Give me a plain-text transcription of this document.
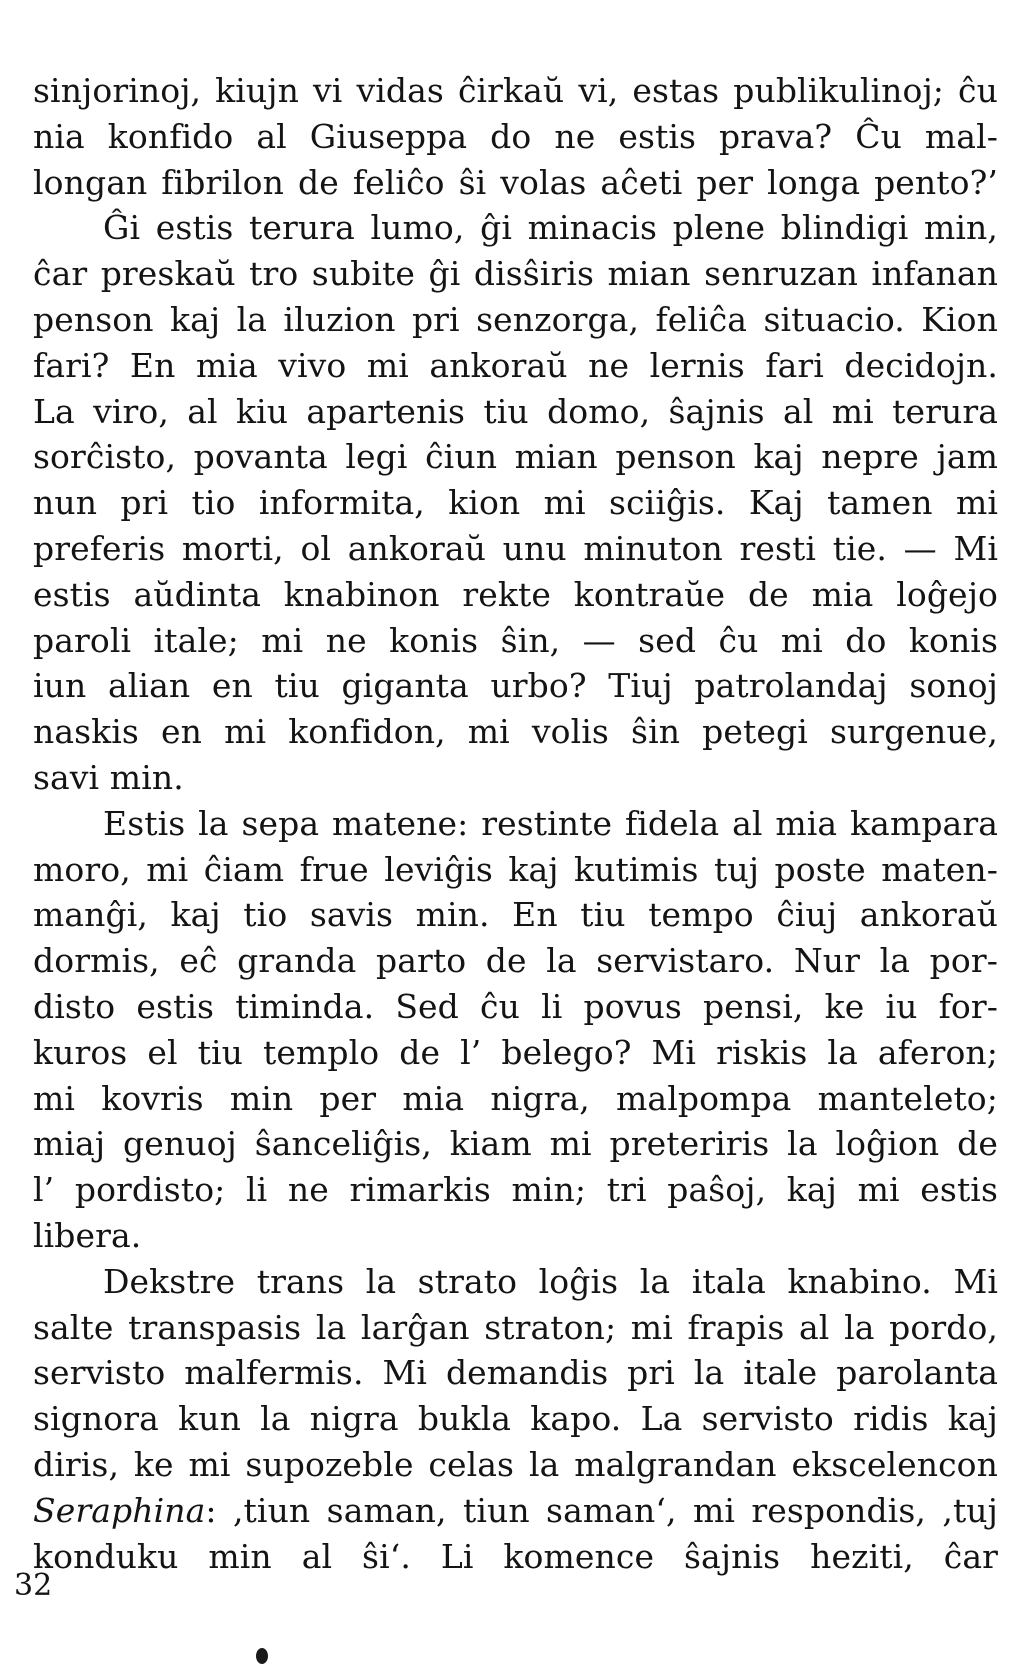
sinjorinoj, kiujn vi vidas ĉirkaŭ vi, estas publikulinoj; ĉu
nia konfido al Giuseppa do ne estis prava? Ĉu mal-
longan fibrilon de feliĉo ŝi volas aĉeti per longa pento?’
Ĝi estis terura lumo, ĝi minacis plene blindigi min,
ĉar preskaŭ tro subite ĝi disŝiris mian senruzan infanan
penson kaj la iluzion pri senzorga, feliĉa situacio. Kion
fari? En mia vivo mi ankoraŭ ne lernis fari decidojn.
La viro, al kiu apartenis tiu domo, ŝajnis al mi terura
sorĉisto, povanta legi ĉiun mian penson kaj nepre jam
nun pri tio informita, kion mi sciiĝis. Kaj tamen mi
preferis morti, ol ankoraŭ unu minuton resti tie. — Mi
estis aŭdinta knabinon rekte kontraŭe de mia loĝejo
paroli itale; mi ne konis ŝin, — sed ĉu mi do konis
iun alian en tiu giganta urbo? Tiuj patrolandaj sonoj
naskis en mi konfidon, mi volis ŝin petegi surgenue,
savi min.
Estis la sepa matene: restinte fidela al mia kampara
moro, mi ĉiam frue leviĝis kaj kutimis tuj poste maten-
manĝi, kaj tio savis min. En tiu tempo ĉiuj ankoraŭ
dormis, eĉ granda parto de la servistaro. Nur la por-
disto estis timinda. Sed ĉu li povus pensi, ke iu for-
kuros el tiu templo de l’ belego? Mi riskis la aferon;
mi kovris min per mia nigra, malpompa manteleto;
miaj genuoj ŝanceliĝis, kiam mi preteriris la loĝion de
l’ pordisto; li ne rimarkis min; tri paŝoj, kaj mi estis
libera.
Dekstre trans la strato loĝis la itala knabino. Mi
salte transpasis la larĝan straton; mi frapis al la pordo,
servisto malfermis. Mi demandis pri la itale parolanta
signora kun la nigra bukla kapo. La servisto ridis kaj
diris, ke mi supozeble celas la malgrandan ekscelencon
Seraphina: ,tiun saman, tiun saman‘, mi respondis, ,tuj
konduku min al ŝi‘. Li komence ŝajnis heziti, ĉar
32
